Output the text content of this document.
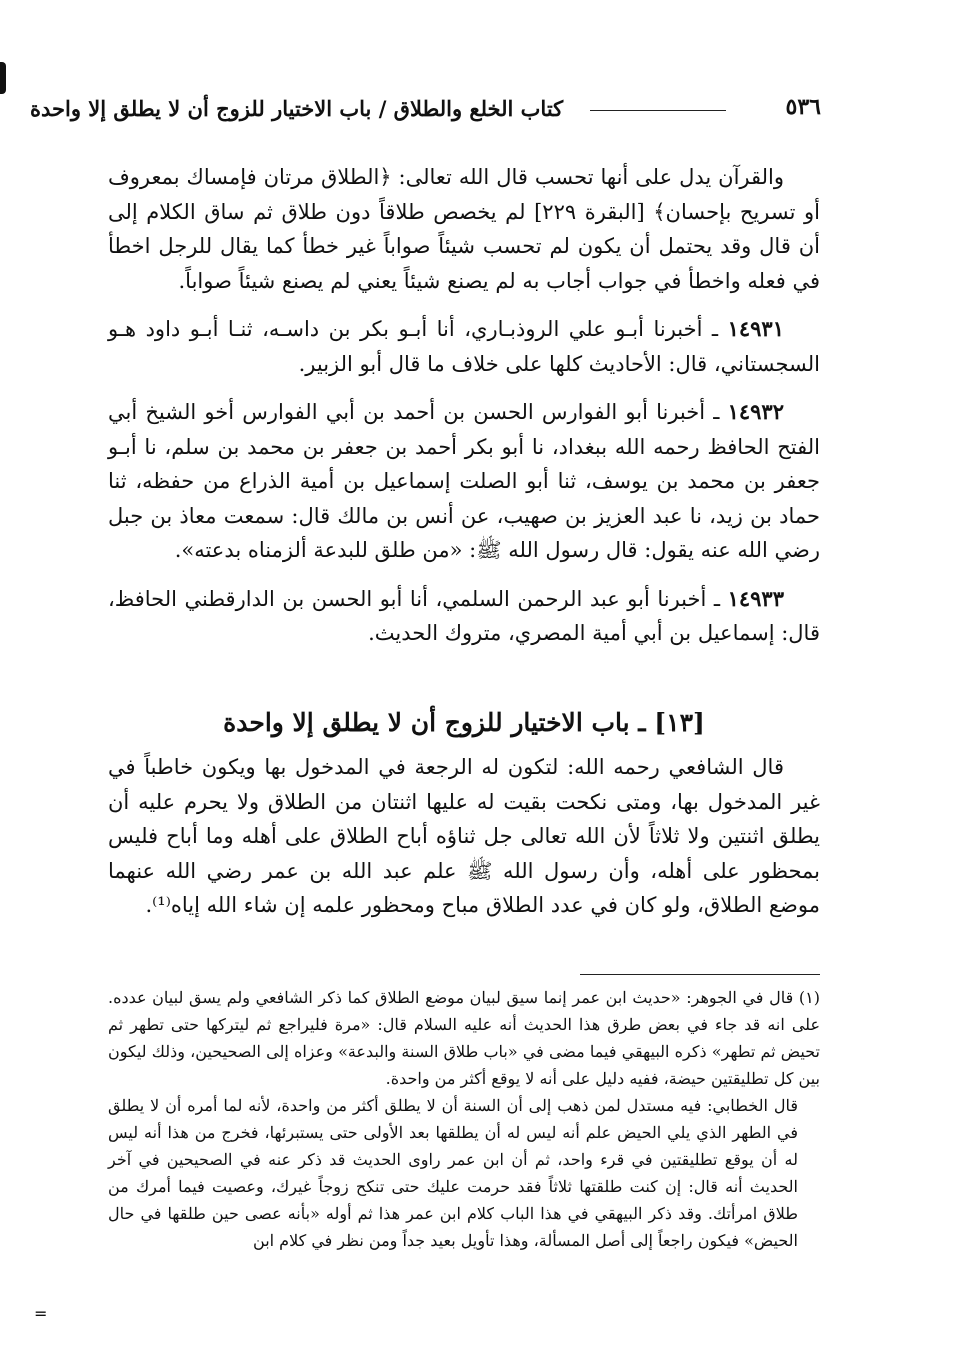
كتاب الخلع والطلاق / باب الاختيار للزوج أن لا يطلق إلا واحدة	٥٣٦

والقرآن يدل على أنها تحسب قال الله تعالى: ﴿الطلاق مرتان فإمساك بمعروف أو تسريح بإحسان﴾ [البقرة ٢٢٩] لم يخصص طلاقاً دون طلاق ثم ساق الكلام إلى أن قال وقد يحتمل أن يكون لم تحسب شيئاً صواباً غير خطأ كما يقال للرجل اخطأ في فعله واخطأ في جواب أجاب به لم يصنع شيئاً يعني لم يصنع شيئاً صواباً.

١٤٩٣١ ـ أخبرنا أبـو علي الروذبـاري، أنا أبـو بكر بن داسـه، ثنـا أبـو داود هـو السجستاني، قال: الأحاديث كلها على خلاف ما قال أبو الزبير.

١٤٩٣٢ ـ أخبرنا أبو الفوارس الحسن بن أحمد بن أبي الفوارس أخو الشيخ أبي الفتح الحافظ رحمه الله ببغداد، نا أبو بكر أحمد بن جعفر بن محمد بن سلم، نا أبـو جعفر بن محمد بن يوسف، ثنا أبو الصلت إسماعيل بن أمية الذراع من حفظه، ثنا حماد بن زيد، نا عبد العزيز بن صهيب، عن أنس بن مالك قال: سمعت معاذ بن جبل رضي الله عنه يقول: قال رسول الله ﷺ: «من طلق للبدعة ألزمناه بدعته».

١٤٩٣٣ ـ أخبرنا أبو عبد الرحمن السلمي، أنا أبو الحسن بن الدارقطني الحافظ، قال: إسماعيل بن أبي أمية المصري، متروك الحديث.

[١٣] ـ باب الاختيار للزوج أن لا يطلق إلا واحدة

قال الشافعي رحمه الله: لتكون له الرجعة في المدخول بها ويكون خاطباً في غير المدخول بها، ومتى نكحت بقيت له عليها اثنتان من الطلاق ولا يحرم عليه أن يطلق اثنتين ولا ثلاثاً لأن الله تعالى جل ثناؤه أباح الطلاق على أهله وما أباح فليس بمحظور على أهله، وأن رسول الله ﷺ علم عبد الله بن عمر رضي الله عنهما موضع الطلاق، ولو كان في عدد الطلاق مباح ومحظور علمه إن شاء الله إياه⁽¹⁾.

(١) قال في الجوهر: «حديث ابن عمر إنما سيق لبيان موضع الطلاق كما ذكر الشافعي ولم يسق لبيان عدده. على انه قد جاء في بعض طرق هذا الحديث أنه عليه السلام قال: «مرة فليراجع ثم ليتركها حتى تطهر ثم تحيض ثم تطهر» ذكره البيهقي فيما مضى في «باب طلاق السنة والبدعة» وعزاه إلى الصحيحين، وذلك ليكون بين كل تطليقتين حيضة، ففيه دليل على أنه لا يوقع أكثر من واحدة.

قال الخطابي: فيه مستدل لمن ذهب إلى أن السنة أن لا يطلق أكثر من واحدة، لأنه لما أمره أن لا يطلق في الطهر الذي يلي الحيض علم أنه ليس له أن يطلقها بعد الأولى حتى يستبرئها، فخرج من هذا أنه ليس له أن يوقع تطليقتين في قرء واحد، ثم أن ابن عمر راوى الحديث قد ذكر عنه في الصحيحين في آخر الحديث أنه قال: إن كنت طلقتها ثلاثاً فقد حرمت عليك حتى تنكح زوجاً غيرك، وعصيت فيما أمرك من طلاق امرأتك. وقد ذكر البيهقي في هذا الباب كلام ابن عمر هذا ثم أوله «بأنه عصى حين طلقها في حال الحيض» فيكون راجعاً إلى أصل المسألة، وهذا تأويل بعيد جداً ومن نظر في كلام ابن

=
